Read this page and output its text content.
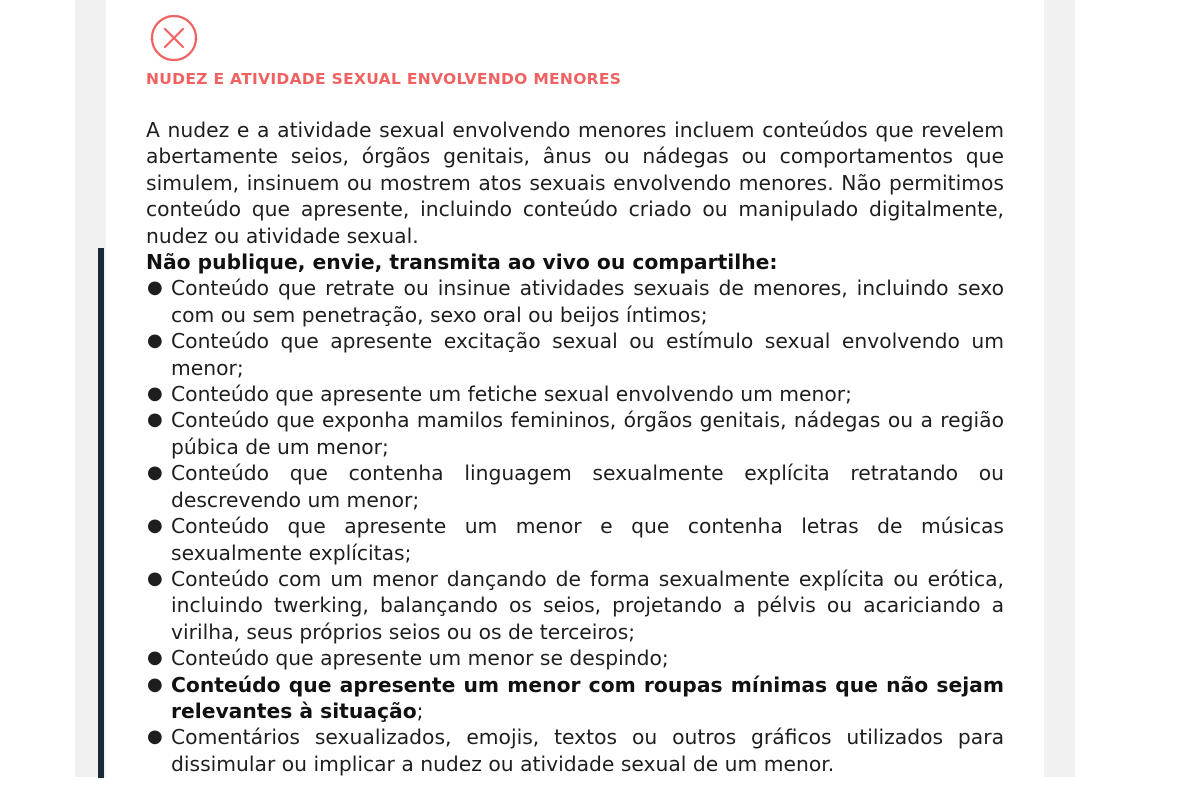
NUDEZ E ATIVIDADE SEXUAL ENVOLVENDO MENORES

A nudez e a atividade sexual envolvendo menores incluem conteúdos que revelem abertamente seios, órgãos genitais, ânus ou nádegas ou comportamentos que simulem, insinuem ou mostrem atos sexuais envolvendo menores. Não permitimos conteúdo que apresente, incluindo conteúdo criado ou manipulado digitalmente, nudez ou atividade sexual.

Não publique, envie, transmita ao vivo ou compartilhe:

● Conteúdo que retrate ou insinue atividades sexuais de menores, incluindo sexo com ou sem penetração, sexo oral ou beijos íntimos;
● Conteúdo que apresente excitação sexual ou estímulo sexual envolvendo um menor;
● Conteúdo que apresente um fetiche sexual envolvendo um menor;
● Conteúdo que exponha mamilos femininos, órgãos genitais, nádegas ou a região púbica de um menor;
● Conteúdo que contenha linguagem sexualmente explícita retratando ou descrevendo um menor;
● Conteúdo que apresente um menor e que contenha letras de músicas sexualmente explícitas;
● Conteúdo com um menor dançando de forma sexualmente explícita ou erótica, incluindo twerking, balançando os seios, projetando a pélvis ou acariciando a virilha, seus próprios seios ou os de terceiros;
● Conteúdo que apresente um menor se despindo;
● Conteúdo que apresente um menor com roupas mínimas que não sejam relevantes à situação;
● Comentários sexualizados, emojis, textos ou outros gráficos utilizados para dissimular ou implicar a nudez ou atividade sexual de um menor.
